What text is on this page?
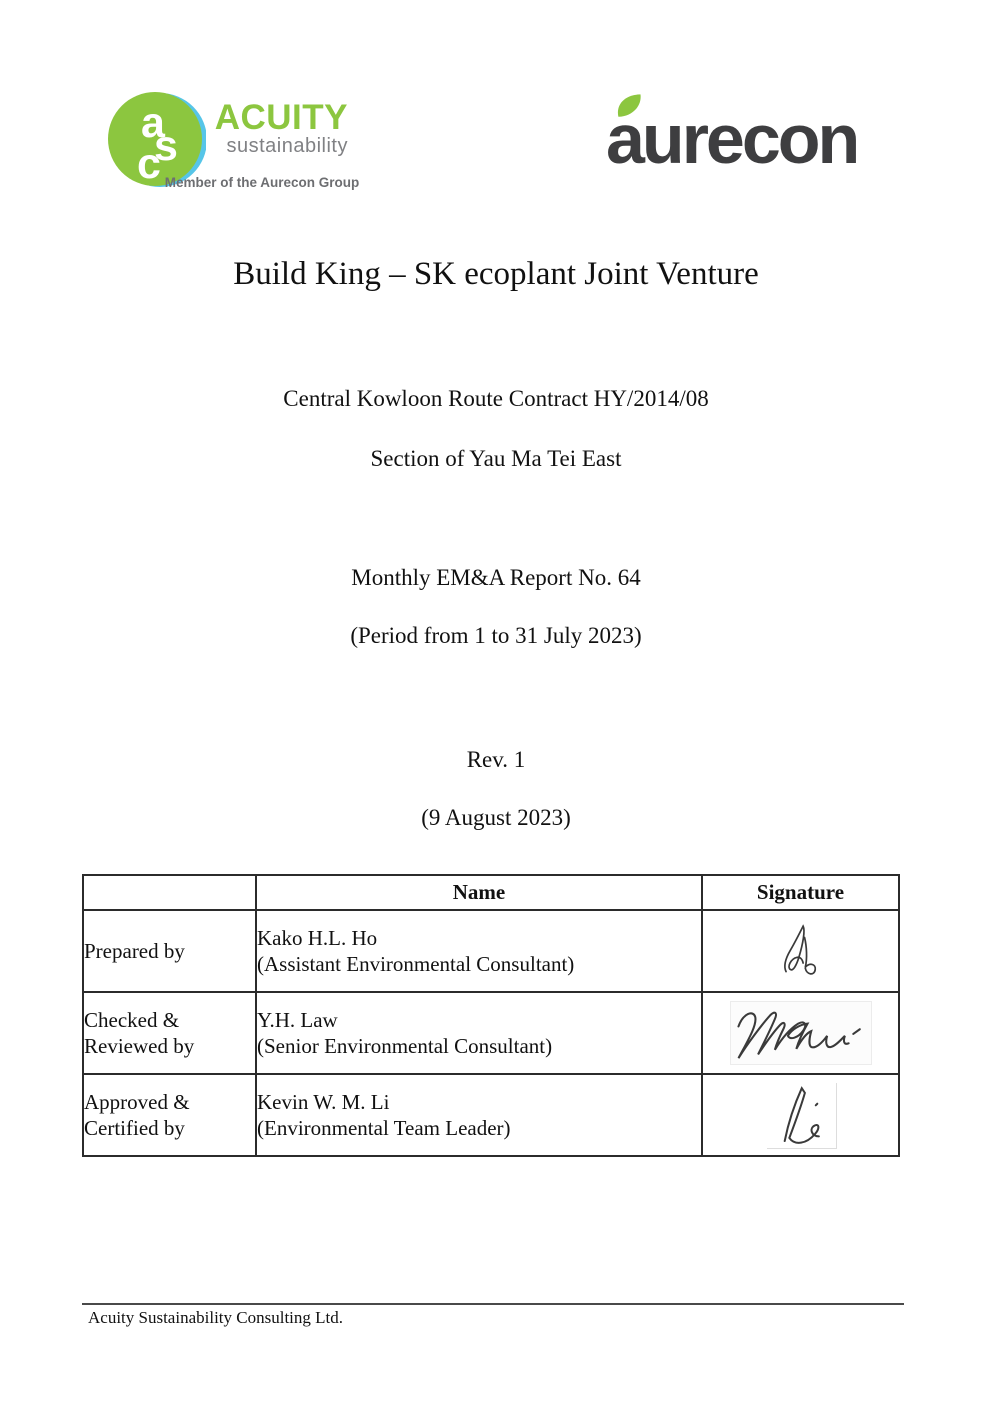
a
s
c
ACUITY
sustainability
Member of the Aurecon Group
aurecon
Build King – SK ecoplant Joint Venture
Central Kowloon Route Contract HY/2014/08
Section of Yau Ma Tei East
Monthly EM&A Report No. 64
(Period from 1 to 31 July 2023)
Rev. 1
(9 August 2023)
	Name	Signature
Prepared by	Kako H.L. Ho
(Assistant Environmental Consultant)	

Checked & Reviewed by	Y.H. Law
(Senior Environmental Consultant)	

Approved & Certified by	Kevin W. M. Li
(Environmental Team Leader)	
Acuity Sustainability Consulting Ltd.
